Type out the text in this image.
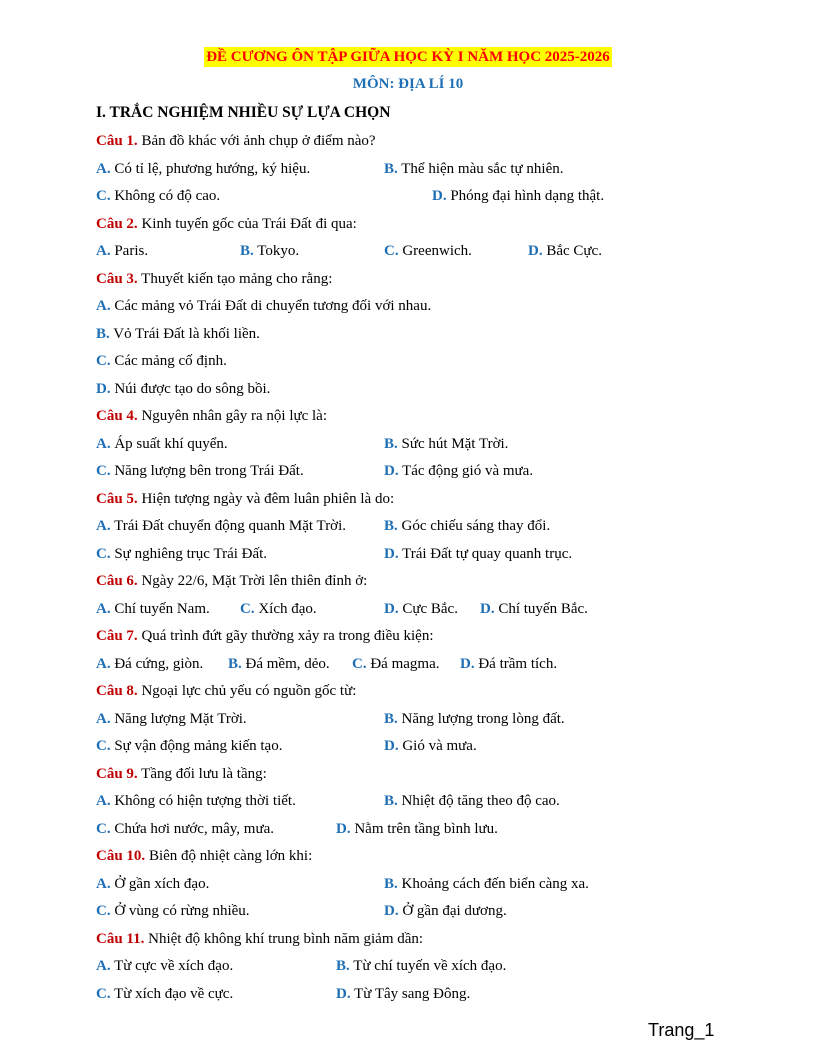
ĐỀ CƯƠNG ÔN TẬP GIỮA HỌC KỲ I NĂM HỌC 2025-2026
MÔN: ĐỊA LÍ 10
I. TRẮC NGHIỆM NHIỀU SỰ LỰA CHỌN
Câu 1. Bản đồ khác với ảnh chụp ở điểm nào?
A. Có tỉ lệ, phương hướng, ký hiệu.	B. Thể hiện màu sắc tự nhiên.
C. Không có độ cao.	D. Phóng đại hình dạng thật.
Câu 2. Kinh tuyến gốc của Trái Đất đi qua:
A. Paris.	B. Tokyo.	C. Greenwich.	D. Bắc Cực.
Câu 3. Thuyết kiến tạo mảng cho rằng:
A. Các mảng vỏ Trái Đất di chuyển tương đối với nhau.
B. Vỏ Trái Đất là khối liền.
C. Các mảng cố định.
D. Núi được tạo do sông bồi.
Câu 4. Nguyên nhân gây ra nội lực là:
A. Áp suất khí quyển.	B. Sức hút Mặt Trời.
C. Năng lượng bên trong Trái Đất.	D. Tác động gió và mưa.
Câu 5. Hiện tượng ngày và đêm luân phiên là do:
A. Trái Đất chuyển động quanh Mặt Trời.	B. Góc chiếu sáng thay đổi.
C. Sự nghiêng trục Trái Đất.	D. Trái Đất tự quay quanh trục.
Câu 6. Ngày 22/6, Mặt Trời lên thiên đỉnh ở:
A. Chí tuyến Nam. C. Xích đạo.	D. Cực Bắc. D. Chí tuyến Bắc.
Câu 7. Quá trình đứt gãy thường xảy ra trong điều kiện:
A. Đá cứng, giòn. B. Đá mềm, dẻo. C. Đá magma. D. Đá trầm tích.
Câu 8. Ngoại lực chủ yếu có nguồn gốc từ:
A. Năng lượng Mặt Trời.	B. Năng lượng trong lòng đất.
C. Sự vận động mảng kiến tạo.	D. Gió và mưa.
Câu 9. Tầng đối lưu là tầng:
A. Không có hiện tượng thời tiết.	B. Nhiệt độ tăng theo độ cao.
C. Chứa hơi nước, mây, mưa.	D. Nằm trên tầng bình lưu.
Câu 10. Biên độ nhiệt càng lớn khi:
A. Ở gần xích đạo.	B. Khoảng cách đến biển càng xa.
C. Ở vùng có rừng nhiều.	D. Ở gần đại dương.
Câu 11. Nhiệt độ không khí trung bình năm giảm dần:
A. Từ cực về xích đạo.	B. Từ chí tuyến về xích đạo.
C. Từ xích đạo về cực.	D. Từ Tây sang Đông.
Trang_1
